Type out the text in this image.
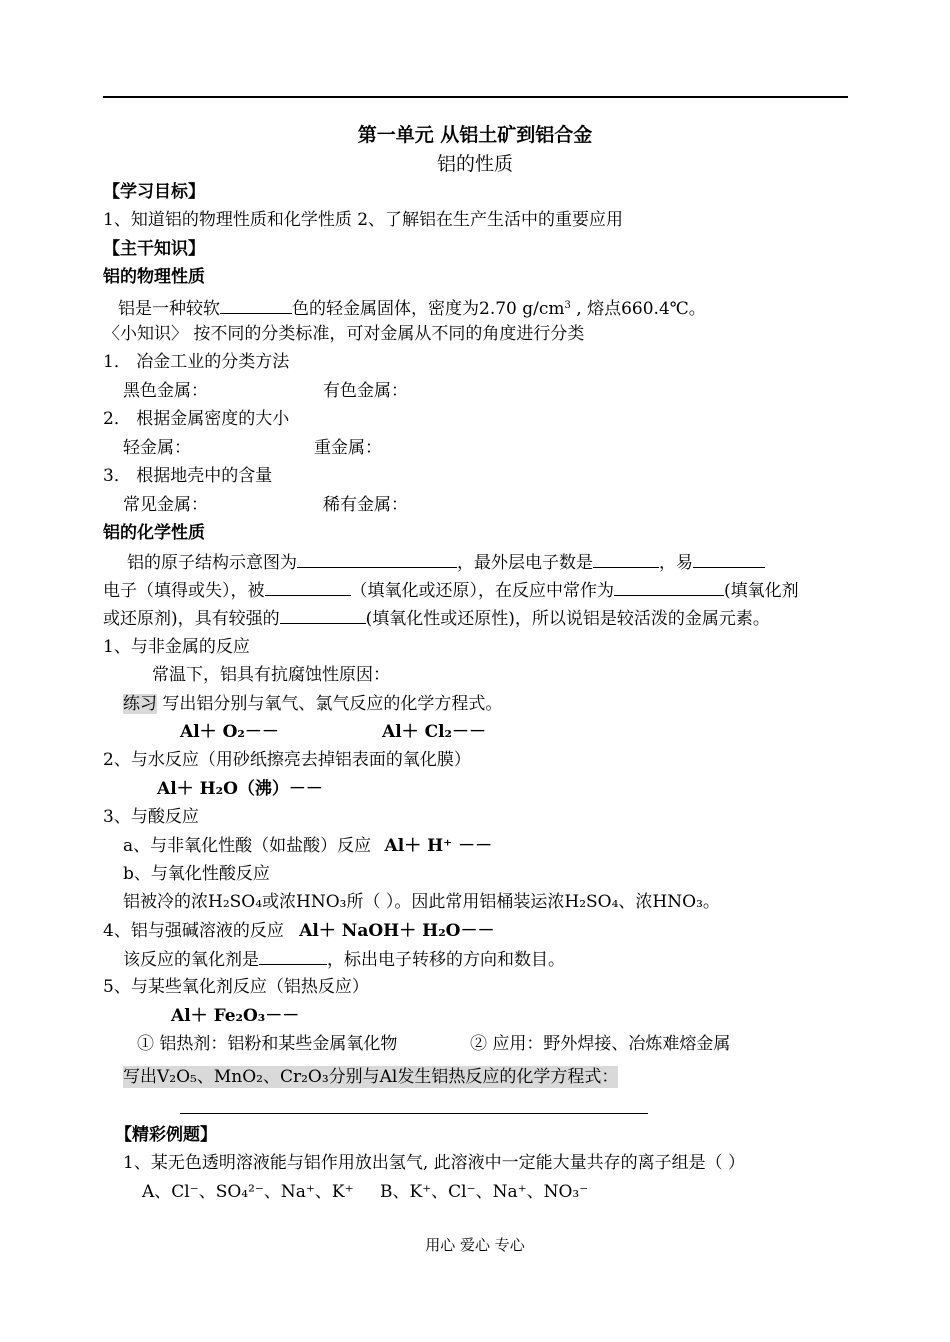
第一单元 从铝土矿到铝合金
铝的性质
【学习目标】
1、知道铝的物理性质和化学性质 2、了解铝在生产生活中的重要应用
【主干知识】
铝的物理性质
铝是一种较软	色的轻金属固体，密度为2.70 $g/cm^3$ , 熔点660.4℃。
〈小知识〉 按不同的分类标准，可对金属从不同的角度进行分类
1． 冶金工业的分类方法
黑色金属：	有色金属：
2． 根据金属密度的大小
轻金属：	重金属：
3． 根据地壳中的含量
常见金属：	稀有金属：
铝的化学性质
铝的原子结构示意图为	，最外层电子数是	，易
电子（填得或失），被	（填氧化或还原），在反应中常作为	(填氧化剂
或还原剂)，具有较强的	(填氧化性或还原性)，所以说铝是较活泼的金属元素。
1、与非金属的反应
常温下，铝具有抗腐蚀性原因：
练习 写出铝分别与氧气、氯气反应的化学方程式。
Al＋ O₂－－	Al＋ Cl₂－－
2、与水反应（用砂纸擦亮去掉铝表面的氧化膜）
Al＋ H₂O（沸）－－
3、与酸反应
a、与非氧化性酸（如盐酸）反应 Al＋ H⁺ －－
b、与氧化性酸反应
铝被冷的浓H₂SO₄或浓HNO₃所（ ）。因此常用铝桶装运浓H₂SO₄、浓HNO₃。
4、铝与强碱溶液的反应 Al＋ NaOH＋ H₂O－－
该反应的氧化剂是	，标出电子转移的方向和数目。
5、与某些氧化剂反应（铝热反应）
Al＋ Fe₂O₃－－
① 铝热剂：铝粉和某些金属氧化物	② 应用：野外焊接、冶炼难熔金属
写出V₂O₅、MnO₂、Cr₂O₃分别与Al发生铝热反应的化学方程式：
【精彩例题】
1、某无色透明溶液能与铝作用放出氢气, 此溶液中一定能大量共存的离子组是（ ）
A、Cl⁻、SO₄²⁻、Na⁺、K⁺ B、K⁺、Cl⁻、Na⁺、NO₃⁻
用心 爱心 专心
